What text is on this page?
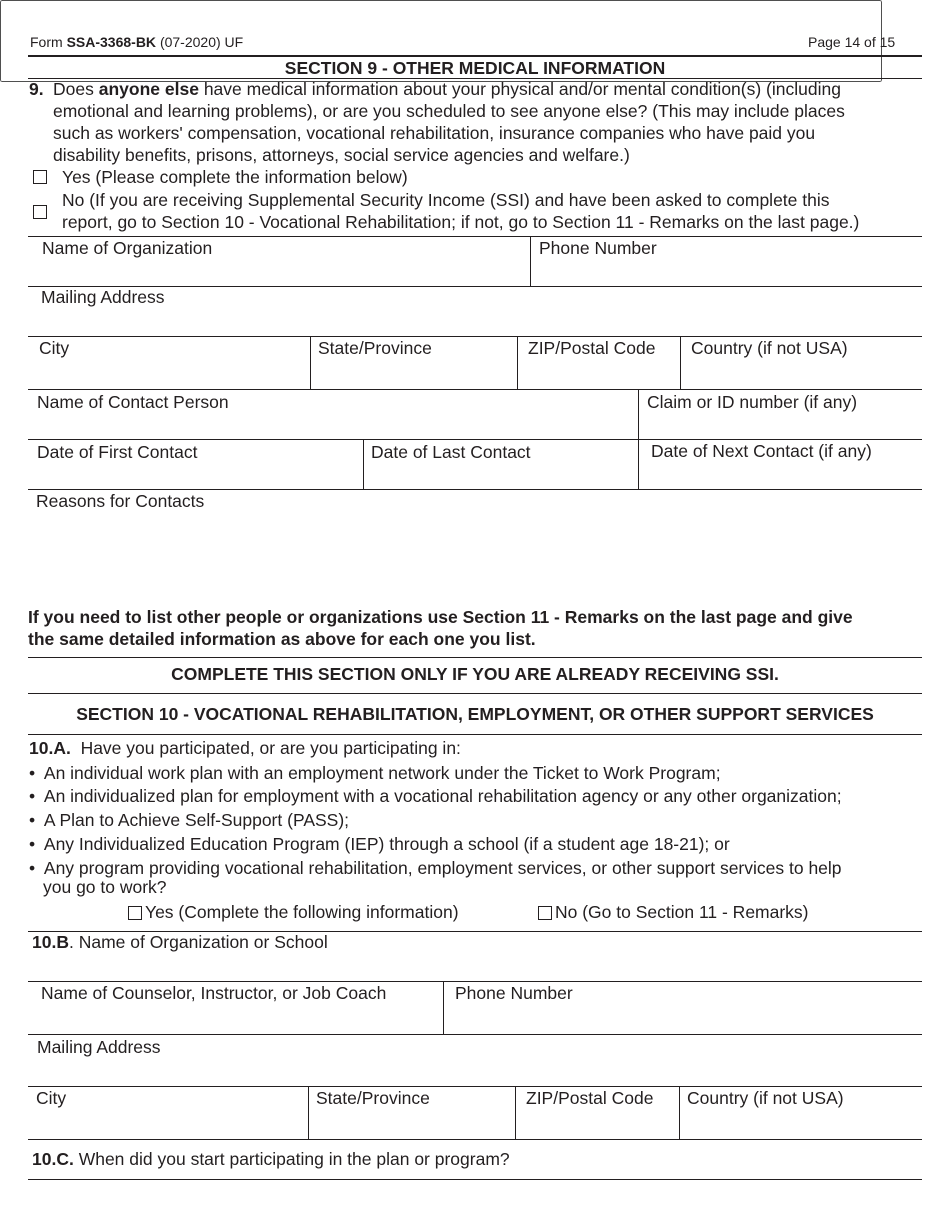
Form SSA-3368-BK (07-2020) UF	Page 14 of 15
SECTION 9 - OTHER MEDICAL INFORMATION
9. Does anyone else have medical information about your physical and/or mental condition(s) (including
emotional and learning problems), or are you scheduled to see anyone else? (This may include places
such as workers' compensation, vocational rehabilitation, insurance companies who have paid you
disability benefits, prisons, attorneys, social service agencies and welfare.)
Yes (Please complete the information below)
No (If you are receiving Supplemental Security Income (SSI) and have been asked to complete this
report, go to Section 10 - Vocational Rehabilitation; if not, go to Section 11 - Remarks on the last page.)
Name of Organization	Phone Number
Mailing Address
City	State/Province	ZIP/Postal Code Country (if not USA)
Name of Contact Person	Claim or ID number (if any)
Date of First Contact	Date of Last Contact	Date of Next Contact (if any)
Reasons for Contacts
If you need to list other people or organizations use Section 11 - Remarks on the last page and give
the same detailed information as above for each one you list.
COMPLETE THIS SECTION ONLY IF YOU ARE ALREADY RECEIVING SSI.
SECTION 10 - VOCATIONAL REHABILITATION, EMPLOYMENT, OR OTHER SUPPORT SERVICES
10.A. Have you participated, or are you participating in:
• An individual work plan with an employment network under the Ticket to Work Program;
• An individualized plan for employment with a vocational rehabilitation agency or any other organization;
• A Plan to Achieve Self-Support (PASS);
• Any Individualized Education Program (IEP) through a school (if a student age 18-21); or
• Any program providing vocational rehabilitation, employment services, or other support services to help
you go to work?
Yes (Complete the following information)	No (Go to Section 11 - Remarks)
10.B. Name of Organization or School
Name of Counselor, Instructor, or Job Coach	Phone Number
Mailing Address
City	State/Province	ZIP/Postal Code Country (if not USA)
10.C. When did you start participating in the plan or program?
